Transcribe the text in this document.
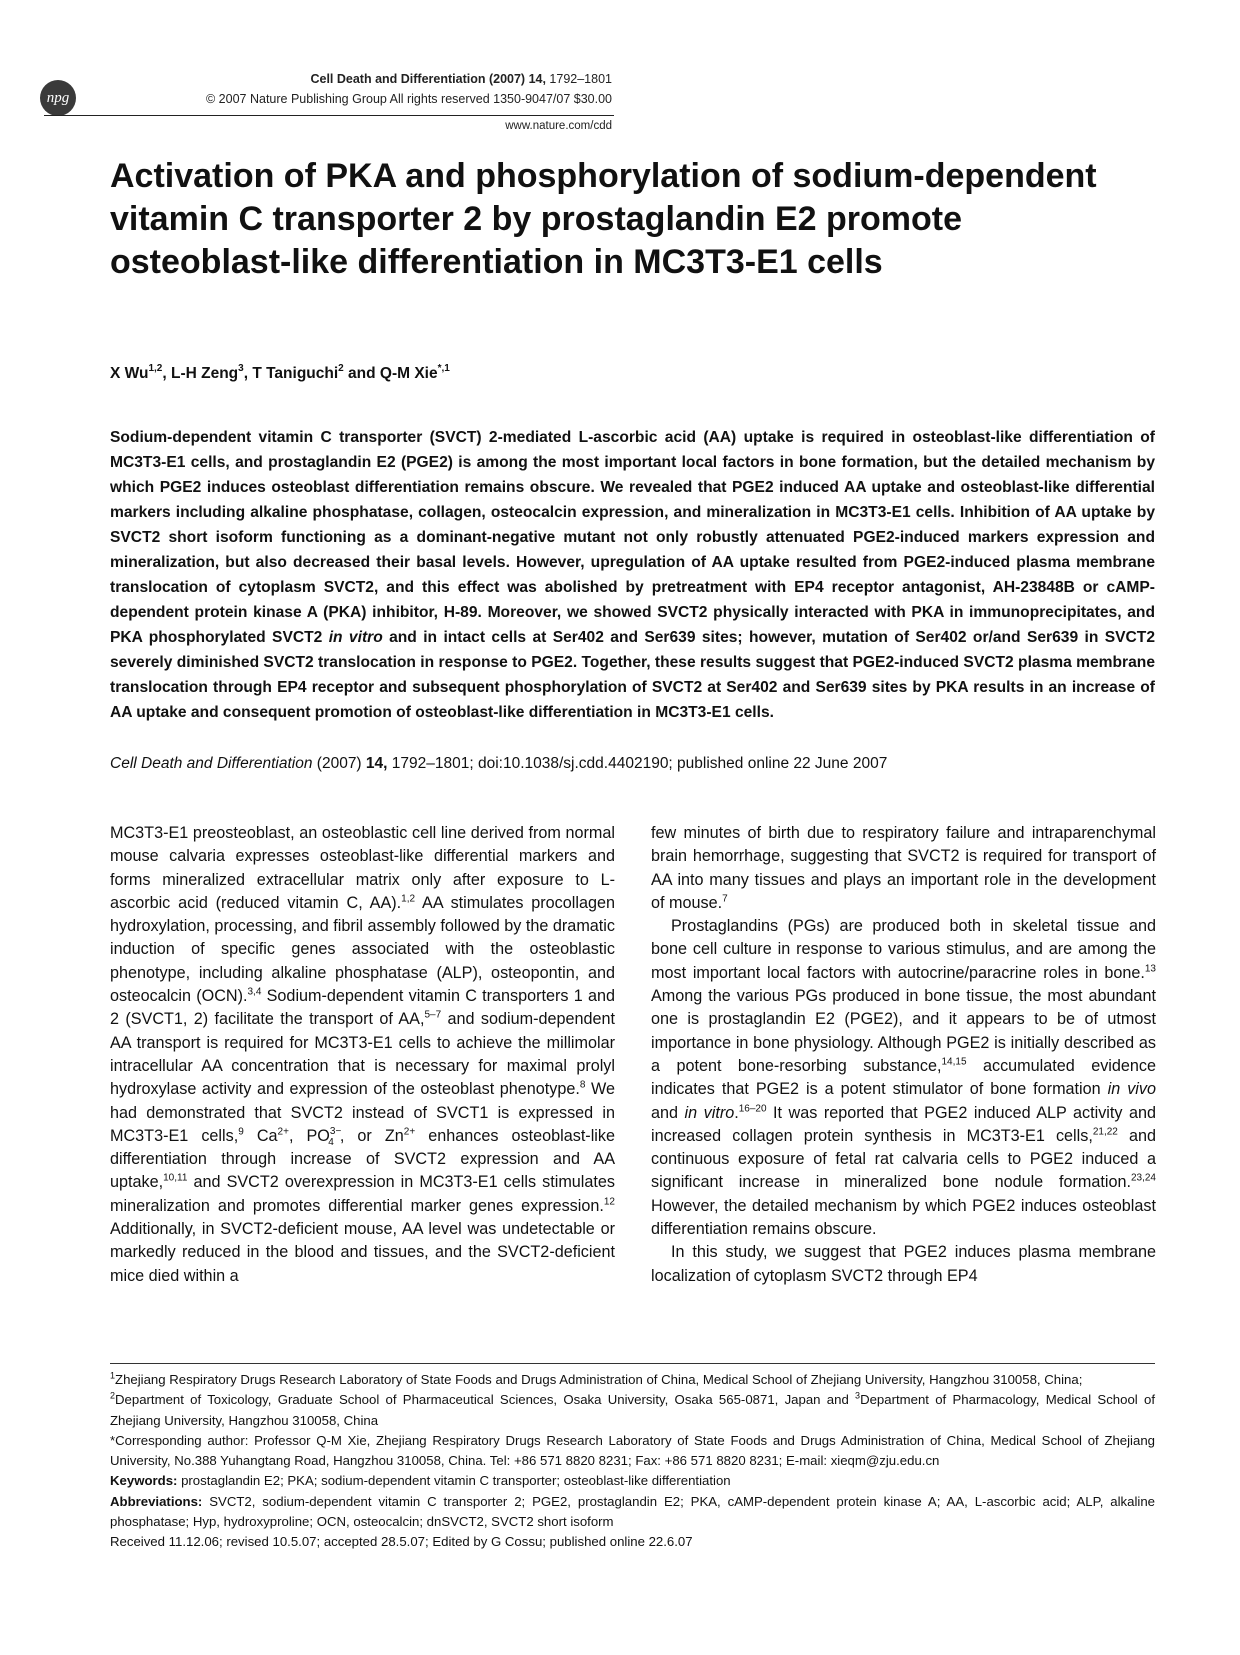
npg
Cell Death and Differentiation (2007) 14, 1792–1801
© 2007 Nature Publishing Group All rights reserved 1350-9047/07 $30.00
www.nature.com/cdd
Activation of PKA and phosphorylation of sodium-dependent vitamin C transporter 2 by prostaglandin E2 promote osteoblast-like differentiation in MC3T3-E1 cells
X Wu$^{1,2}$, L-H Zeng$^3$, T Taniguchi$^2$ and Q-M Xie$^{*,1}$

Sodium-dependent vitamin C transporter (SVCT) 2-mediated L-ascorbic acid (AA) uptake is required in osteoblast-like differentiation of MC3T3-E1 cells, and prostaglandin E2 (PGE2) is among the most important local factors in bone formation, but the detailed mechanism by which PGE2 induces osteoblast differentiation remains obscure. We revealed that PGE2 induced AA uptake and osteoblast-like differential markers including alkaline phosphatase, collagen, osteocalcin expression, and mineralization in MC3T3-E1 cells. Inhibition of AA uptake by SVCT2 short isoform functioning as a dominant-negative mutant not only robustly attenuated PGE2-induced markers expression and mineralization, but also decreased their basal levels. However, upregulation of AA uptake resulted from PGE2-induced plasma membrane translocation of cytoplasm SVCT2, and this effect was abolished by pretreatment with EP4 receptor antagonist, AH-23848B or cAMP-dependent protein kinase A (PKA) inhibitor, H-89. Moreover, we showed SVCT2 physically interacted with PKA in immunoprecipitates, and PKA phosphorylated SVCT2 in vitro and in intact cells at Ser402 and Ser639 sites; however, mutation of Ser402 or/and Ser639 in SVCT2 severely diminished SVCT2 translocation in response to PGE2. Together, these results suggest that PGE2-induced SVCT2 plasma membrane translocation through EP4 receptor and subsequent phosphorylation of SVCT2 at Ser402 and Ser639 sites by PKA results in an increase of AA uptake and consequent promotion of osteoblast-like differentiation in MC3T3-E1 cells.

Cell Death and Differentiation (2007) 14, 1792–1801; doi:10.1038/sj.cdd.4402190; published online 22 June 2007

MC3T3-E1 preosteoblast, an osteoblastic cell line derived from normal mouse calvaria expresses osteoblast-like differential markers and forms mineralized extracellular matrix only after exposure to L-ascorbic acid (reduced vitamin C, AA).$^{1,2}$ AA stimulates procollagen hydroxylation, processing, and fibril assembly followed by the dramatic induction of specific genes associated with the osteoblastic phenotype, including alkaline phosphatase (ALP), osteopontin, and osteocalcin (OCN).$^{3,4}$ Sodium-dependent vitamin C transporters 1 and 2 (SVCT1, 2) facilitate the transport of AA,$^{5-7}$ and sodium-dependent AA transport is required for MC3T3-E1 cells to achieve the millimolar intracellular AA concentration that is necessary for maximal prolyl hydroxylase activity and expression of the osteoblast phenotype.$^8$ We had demonstrated that SVCT2 instead of SVCT1 is expressed in MC3T3-E1 cells,$^9$ $Ca^{2+}$, $PO^{3-}_4$ , or $Zn^{2+}$ enhances osteoblast-like differentiation through increase of SVCT2 expression and AA uptake,$^{10,11}$ and SVCT2 overexpression in MC3T3-E1 cells stimulates mineralization and promotes differential marker genes expression.$^{12}$ Additionally, in SVCT2-deficient mouse, AA level was undetectable or markedly reduced in the blood and tissues, and the SVCT2-deficient mice died within a

few minutes of birth due to respiratory failure and intraparenchymal brain hemorrhage, suggesting that SVCT2 is required for transport of AA into many tissues and plays an important role in the development of mouse.$^7$

Prostaglandins (PGs) are produced both in skeletal tissue and bone cell culture in response to various stimulus, and are among the most important local factors with autocrine/paracrine roles in bone.$^{13}$ Among the various PGs produced in bone tissue, the most abundant one is prostaglandin E2 (PGE2), and it appears to be of utmost importance in bone physiology. Although PGE2 is initially described as a potent bone-resorbing substance,$^{14,15}$ accumulated evidence indicates that PGE2 is a potent stimulator of bone formation in vivo and in vitro.$^{16-20}$ It was reported that PGE2 induced ALP activity and increased collagen protein synthesis in MC3T3-E1 cells,$^{21,22}$ and continuous exposure of fetal rat calvaria cells to PGE2 induced a significant increase in mineralized bone nodule formation.$^{23,24}$ However, the detailed mechanism by which PGE2 induces osteoblast differentiation remains obscure.

In this study, we suggest that PGE2 induces plasma membrane localization of cytoplasm SVCT2 through EP4

$^1$Zhejiang Respiratory Drugs Research Laboratory of State Foods and Drugs Administration of China, Medical School of Zhejiang University, Hangzhou 310058, China;
$^2$Department of Toxicology, Graduate School of Pharmaceutical Sciences, Osaka University, Osaka 565-0871, Japan and $^3$Department of Pharmacology, Medical School of Zhejiang University, Hangzhou 310058, China

*Corresponding author: Professor Q-M Xie, Zhejiang Respiratory Drugs Research Laboratory of State Foods and Drugs Administration of China, Medical School of Zhejiang University, No.388 Yuhangtang Road, Hangzhou 310058, China. Tel: +86 571 8820 8231; Fax: +86 571 8820 8231; E-mail: xieqm@zju.edu.cn

Keywords: prostaglandin E2; PKA; sodium-dependent vitamin C transporter; osteoblast-like differentiation

Abbreviations: SVCT2, sodium-dependent vitamin C transporter 2; PGE2, prostaglandin E2; PKA, cAMP-dependent protein kinase A; AA, L-ascorbic acid; ALP, alkaline phosphatase; Hyp, hydroxyproline; OCN, osteocalcin; dnSVCT2, SVCT2 short isoform

Received 11.12.06; revised 10.5.07; accepted 28.5.07; Edited by G Cossu; published online 22.6.07
